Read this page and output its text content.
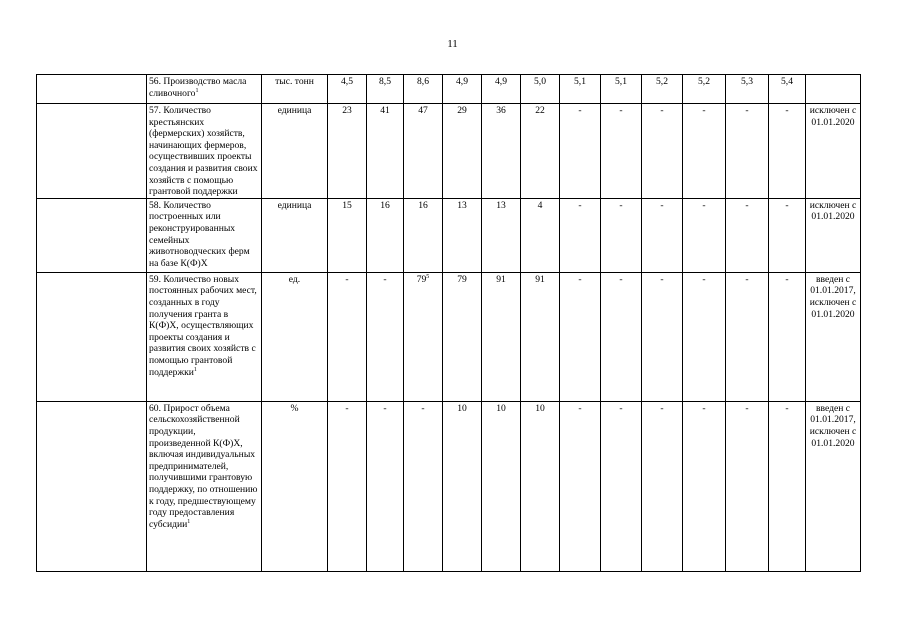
11
	56. Производство масла сливочного$^1$	тыс. тонн	4,5	8,5	8,6	4,9	4,9	5,0	5,1	5,1	5,2	5,2	5,3	5,4	
	57. Количество крестьянских (фермерских) хозяйств, начинающих фермеров, осуществивших проекты создания и развития своих хозяйств с помощью грантовой поддержки	единица	23	41	47	29	36	22	-	-	-	-	-	-	исключен с 01.01.2020
	58. Количество построенных или реконструированных семейных животноводческих ферм на базе К(Ф)Х	единица	15	16	16	13	13	4	-	-	-	-	-	-	исключен с 01.01.2020
	59. Количество новых постоянных рабочих мест, созданных в году получения гранта в К(Ф)Х, осуществляющих проекты создания и развития своих хозяйств с помощью грантовой поддержки$^1$	ед.	-	-	$79^5$	79	91	91	-	-	-	-	-	-	введен с 01.01.2017, исключен с 01.01.2020
	60. Прирост объема сельскохозяйственной продукции, произведенной К(Ф)Х, включая индивидуальных предпринимателей, получившими грантовую поддержку, по отношению к году, предшествующему году предоставления субсидии$^1$	%	-	-	-	10	10	10	-	-	-	-	-	-	введен с 01.01.2017, исключен с 01.01.2020
